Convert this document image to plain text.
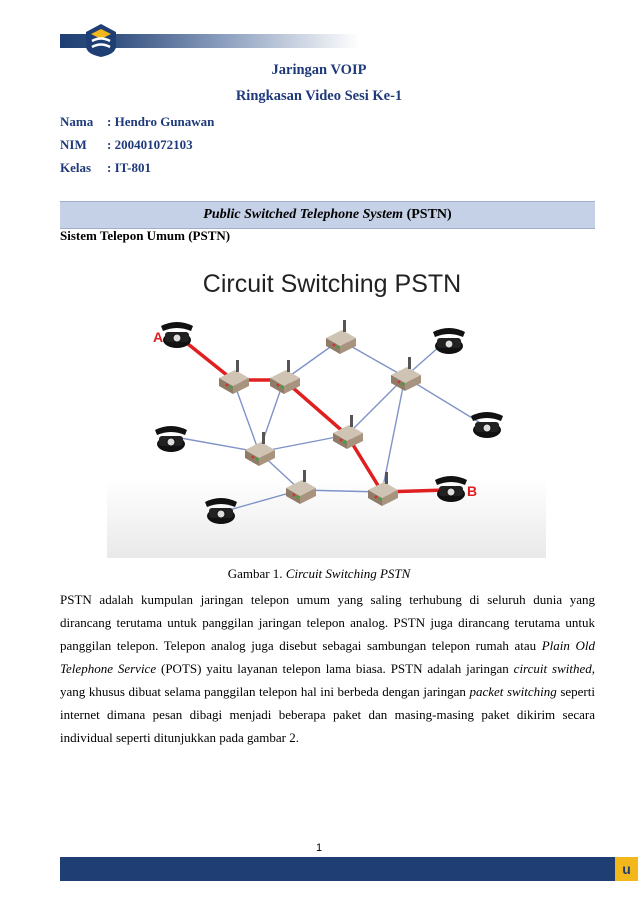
Jaringan VOIP
Ringkasan Video Sesi Ke-1
Nama : Hendro Gunawan
NIM : 200401072103
Kelas : IT-801
Public Switched Telephone System (PSTN)
Sistem Telepon Umum (PSTN)
Circuit Switching PSTN
A
B
Gambar 1. Circuit Switching PSTN
PSTN adalah kumpulan jaringan telepon umum yang saling terhubung di seluruh dunia yang dirancang terutama untuk panggilan jaringan telepon analog. PSTN juga dirancang terutama untuk panggilan telepon. Telepon analog juga disebut sebagai sambungan telepon rumah atau Plain Old Telephone Service (POTS) yaitu layanan telepon lama biasa. PSTN adalah jaringan circuit swithed, yang khusus dibuat selama panggilan telepon hal ini berbeda dengan jaringan packet switching seperti internet dimana pesan dibagi menjadi beberapa paket dan masing-masing paket dikirim secara individual seperti ditunjukkan pada gambar 2.
1
u
